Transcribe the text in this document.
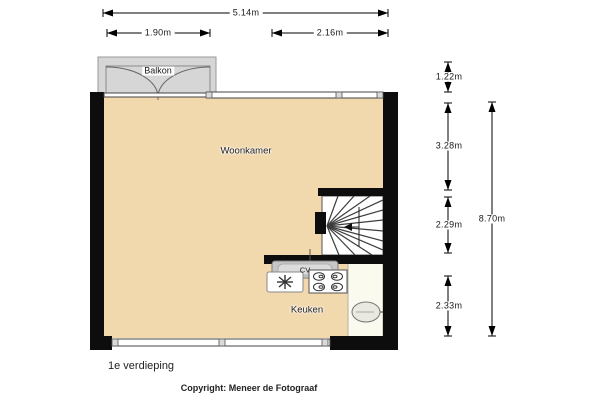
5.14m
1.90m	2.16m
1.22m
3.28m
2.29m
2.33m
8.70m
Balkon
Woonkamer
Keuken
CV
1e verdieping
Copyright: Meneer de Fotograaf
